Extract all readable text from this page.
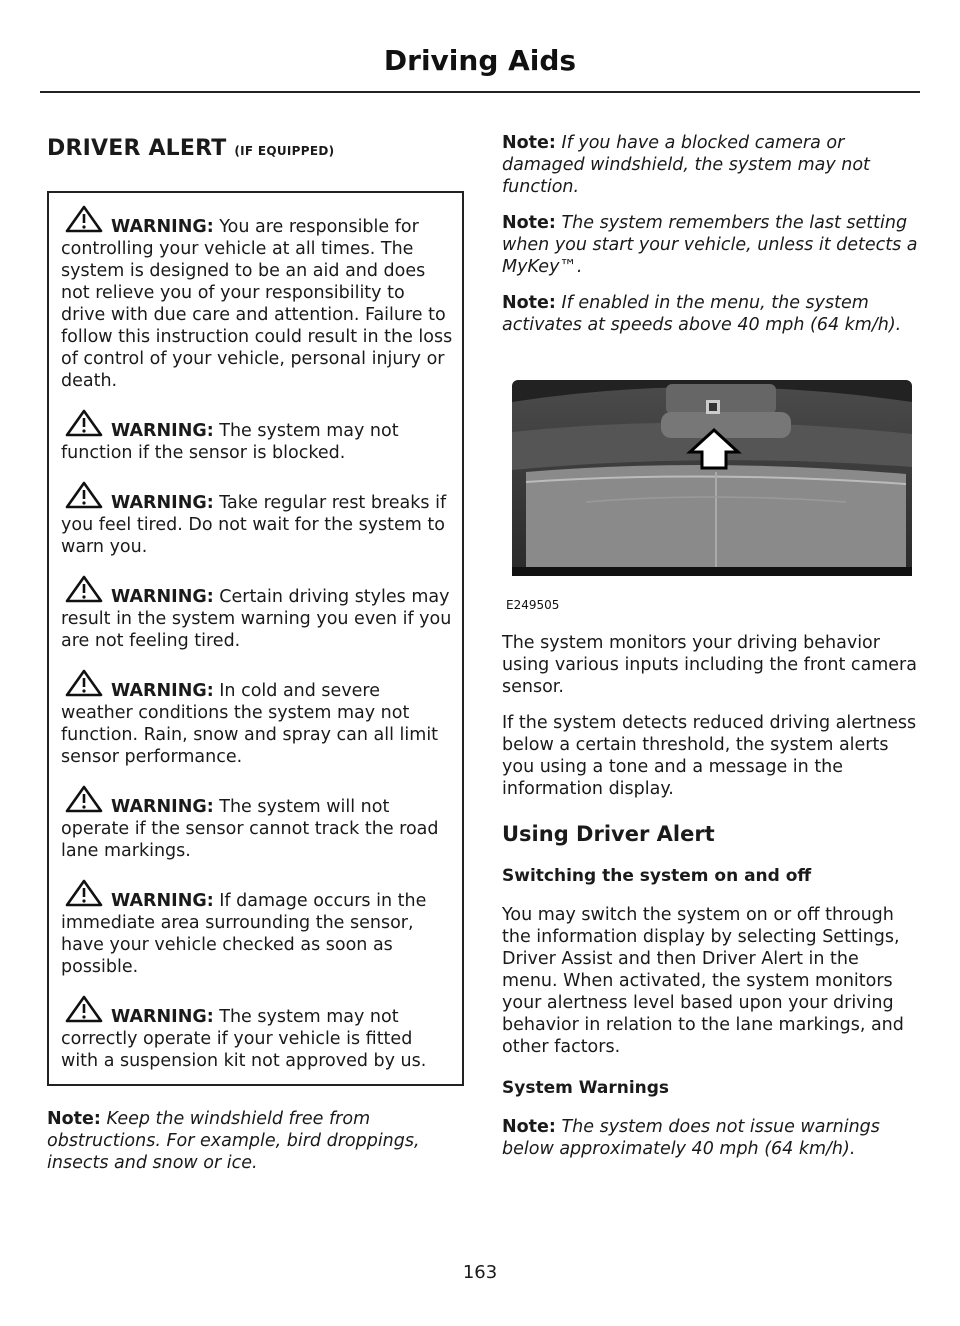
Driving Aids
DRIVER ALERT (IF EQUIPPED)

WARNING: You are responsible for controlling your vehicle at all times. The system is designed to be an aid and does not relieve you of your responsibility to drive with due care and attention. Failure to follow this instruction could result in the loss of control of your vehicle, personal injury or death.

WARNING: The system may not function if the sensor is blocked.

WARNING: Take regular rest breaks if you feel tired. Do not wait for the system to warn you.

WARNING: Certain driving styles may result in the system warning you even if you are not feeling tired.

WARNING: In cold and severe weather conditions the system may not function. Rain, snow and spray can all limit sensor performance.

WARNING: The system will not operate if the sensor cannot track the road lane markings.

WARNING: If damage occurs in the immediate area surrounding the sensor, have your vehicle checked as soon as possible.

WARNING: The system may not correctly operate if your vehicle is fitted with a suspension kit not approved by us.

Note: Keep the windshield free from obstructions. For example, bird droppings, insects and snow or ice.

Note: If you have a blocked camera or damaged windshield, the system may not function.

Note: The system remembers the last setting when you start your vehicle, unless it detects a MyKey™.

Note: If enabled in the menu, the system activates at speeds above 40 mph (64 km/h).

E249505

The system monitors your driving behavior using various inputs including the front camera sensor.

If the system detects reduced driving alertness below a certain threshold, the system alerts you using a tone and a message in the information display.

Using Driver Alert
Switching the system on and off

You may switch the system on or off through the information display by selecting Settings, Driver Assist and then Driver Alert in the menu. When activated, the system monitors your alertness level based upon your driving behavior in relation to the lane markings, and other factors.

System Warnings

Note: The system does not issue warnings below approximately 40 mph (64 km/h).

163
